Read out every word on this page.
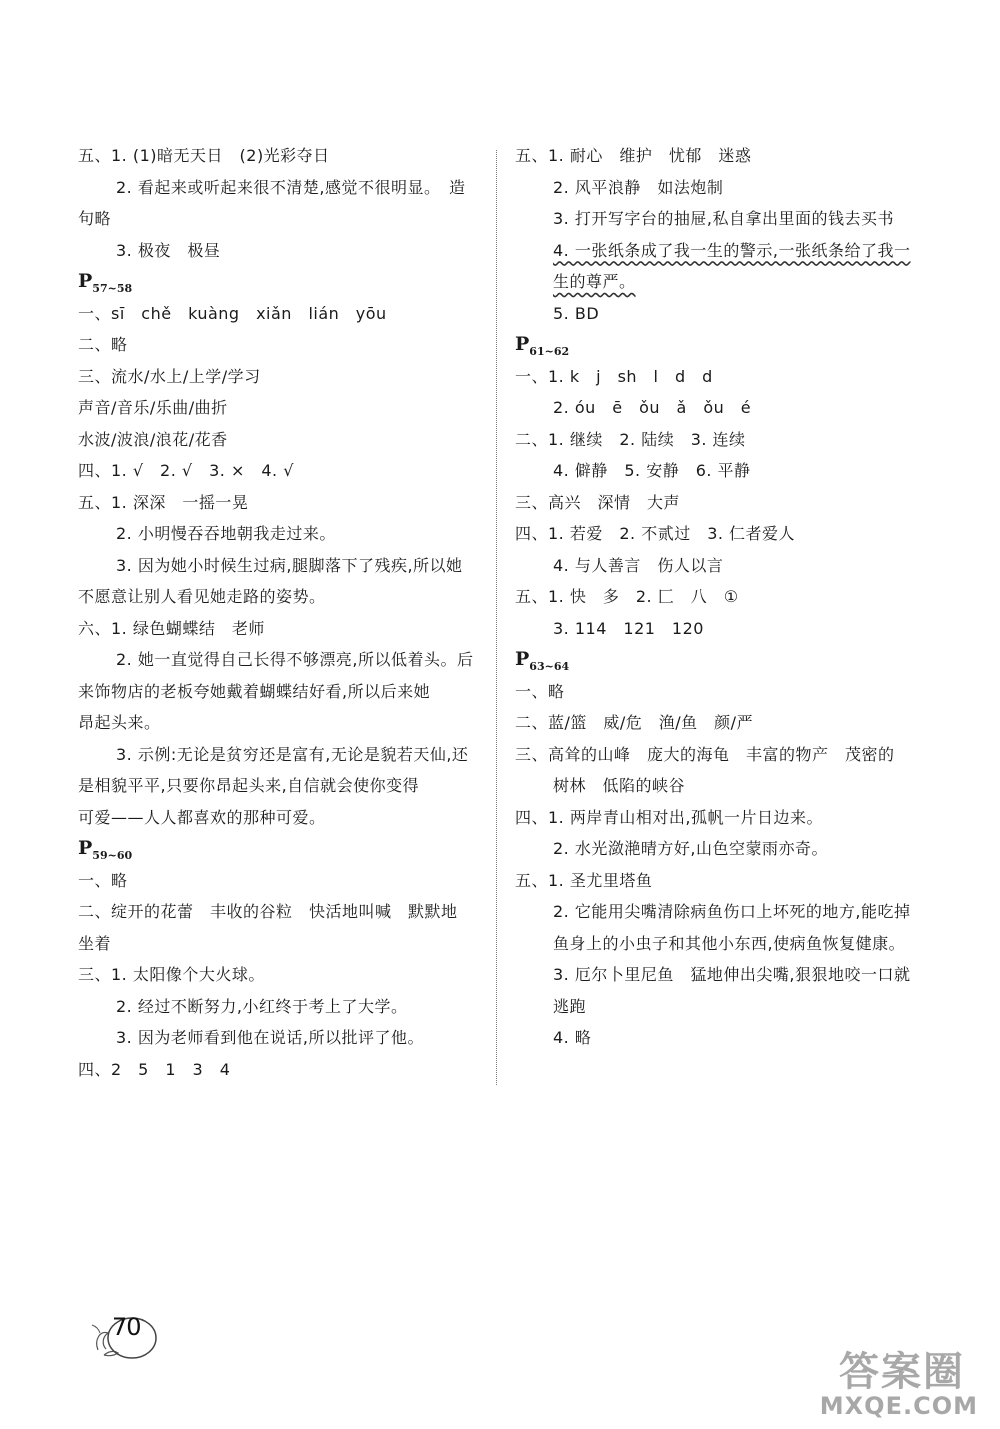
五、1. (1)暗无天日　(2)光彩夺日
2. 看起来或听起来很不清楚,感觉不很明显。　造
句略
3. 极夜　极昼
$P_{57\sim 58}$
一、sī　chě　kuàng　xiǎn　lián　yōu
二、略
三、流水/水上/上学/学习
声音/音乐/乐曲/曲折
水波/波浪/浪花/花香
四、1. √　2. √　3. ×　4. √
五、1. 深深　一摇一晃
2. 小明慢吞吞地朝我走过来。
3. 因为她小时候生过病,腿脚落下了残疾,所以她
不愿意让别人看见她走路的姿势。
六、1. 绿色蝴蝶结　老师
2. 她一直觉得自己长得不够漂亮,所以低着头。后
来饰物店的老板夸她戴着蝴蝶结好看,所以后来她
昂起头来。
3. 示例:无论是贫穷还是富有,无论是貌若天仙,还
是相貌平平,只要你昂起头来,自信就会使你变得
可爱——人人都喜欢的那种可爱。
$P_{59\sim 60}$
一、略
二、绽开的花蕾　丰收的谷粒　快活地叫喊　默默地
坐着
三、1. 太阳像个大火球。
2. 经过不断努力,小红终于考上了大学。
3. 因为老师看到他在说话,所以批评了他。
四、2　5　1　3　4
五、1. 耐心　维护　忧郁　迷惑
2. 风平浪静　如法炮制
3. 打开写字台的抽屉,私自拿出里面的钱去买书
4. 一张纸条成了我一生的警示,一张纸条给了我一
生的尊严。
5. BD
$P_{61\sim 62}$
一、1. k　j　sh　l　d　d
2. óu　ē　ǒu　ǎ　ǒu　é
二、1. 继续　2. 陆续　3. 连续
4. 僻静　5. 安静　6. 平静
三、高兴　深情　大声
四、1. 若爱　2. 不贰过　3. 仁者爱人
4. 与人善言　伤人以言
五、1. 快　多　2. 匚　八　①
3. 114　121　120
$P_{63\sim 64}$
一、略
二、蓝/篮　威/危　渔/鱼　颜/严
三、高耸的山峰　庞大的海龟　丰富的物产　茂密的
树林　低陷的峡谷
四、1. 两岸青山相对出,孤帆一片日边来。
2. 水光潋滟晴方好,山色空蒙雨亦奇。
五、1. 圣尤里塔鱼
2. 它能用尖嘴清除病鱼伤口上坏死的地方,能吃掉
鱼身上的小虫子和其他小东西,使病鱼恢复健康。
3. 厄尔卜里尼鱼　猛地伸出尖嘴,狠狠地咬一口就
逃跑
4. 略
70
答案圈
MXQE.COM
